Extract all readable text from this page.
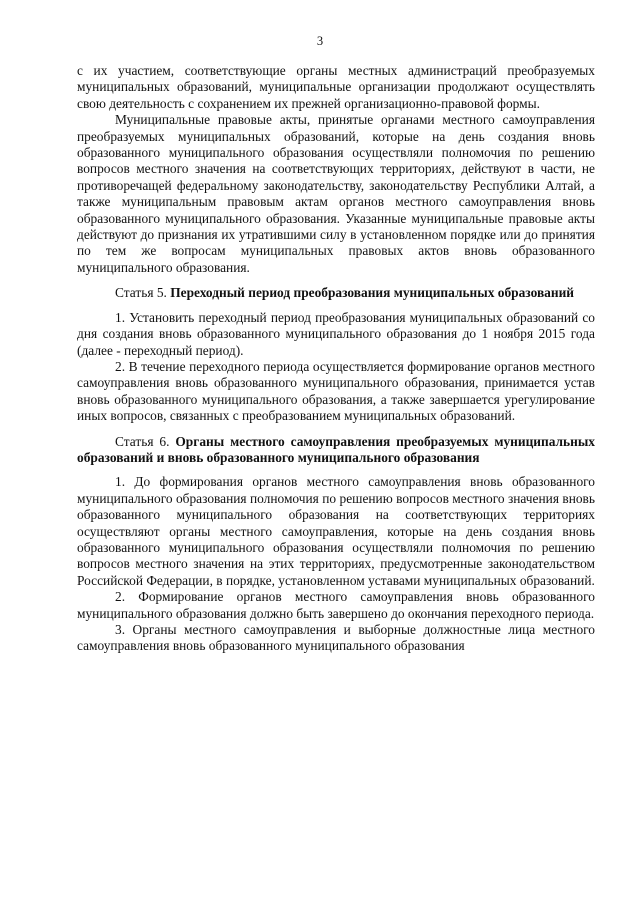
3

с их участием, соответствующие органы местных администраций преобразуемых муниципальных образований, муниципальные организации продолжают осуществлять свою деятельность с сохранением их прежней организационно-правовой формы.

Муниципальные правовые акты, принятые органами местного самоуправления преобразуемых муниципальных образований, которые на день создания вновь образованного муниципального образования осуществляли полномочия по решению вопросов местного значения на соответствующих территориях, действуют в части, не противоречащей федеральному законодательству, законодательству Республики Алтай, а также муниципальным правовым актам органов местного самоуправления вновь образованного муниципального образования. Указанные муниципальные правовые акты действуют до признания их утратившими силу в установленном порядке или до принятия по тем же вопросам муниципальных правовых актов вновь образованного муниципального образования.

Статья 5. Переходный период преобразования муниципальных образований

1. Установить переходный период преобразования муниципальных образований со дня создания вновь образованного муниципального образования до 1 ноября 2015 года (далее - переходный период).

2. В течение переходного периода осуществляется формирование органов местного самоуправления вновь образованного муниципального образования, принимается устав вновь образованного муниципального образования, а также завершается урегулирование иных вопросов, связанных с преобразованием муниципальных образований.

Статья 6. Органы местного самоуправления преобразуемых муниципальных образований и вновь образованного муниципального образования

1. До формирования органов местного самоуправления вновь образованного муниципального образования полномочия по решению вопросов местного значения вновь образованного муниципального образования на соответствующих территориях осуществляют органы местного самоуправления, которые на день создания вновь образованного муниципального образования осуществляли полномочия по решению вопросов местного значения на этих территориях, предусмотренные законодательством Российской Федерации, в порядке, установленном уставами муниципальных образований.

2. Формирование органов местного самоуправления вновь образованного муниципального образования должно быть завершено до окончания переходного периода.

3. Органы местного самоуправления и выборные должностные лица местного самоуправления вновь образованного муниципального образования
